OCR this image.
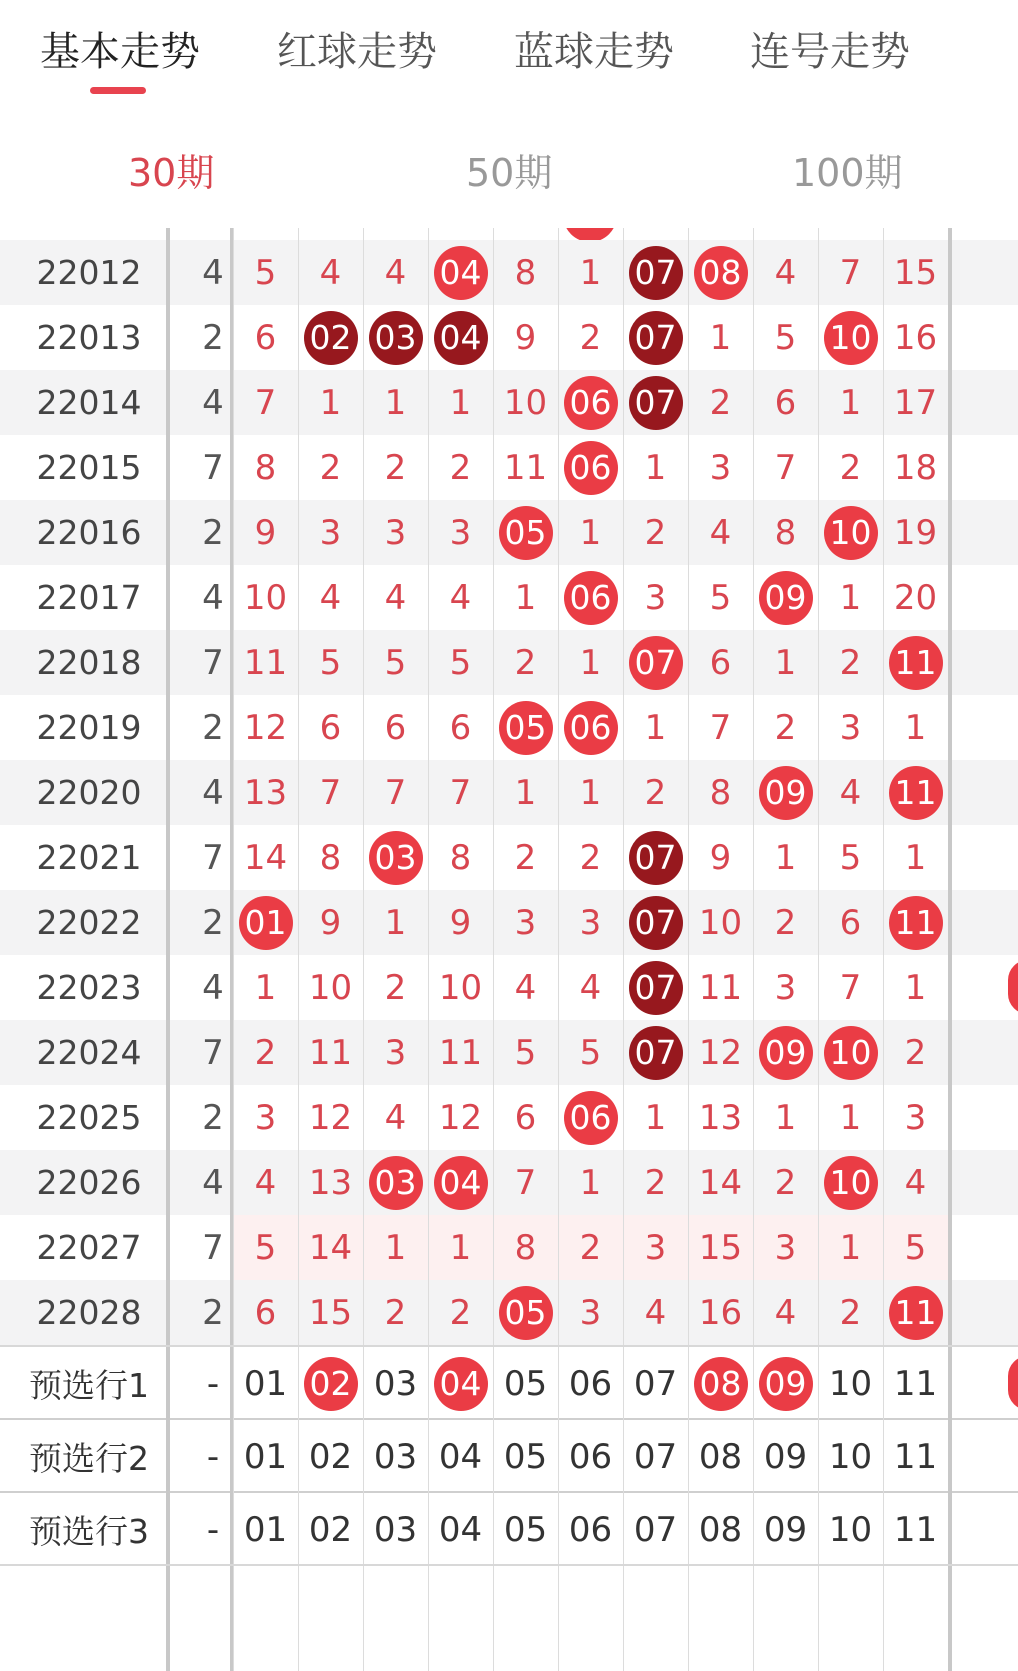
基本走势 红球走势 蓝球走势 连号走势
30期	50期	100期
22012	4 5 4 4 04 8 1 07 08 4 7 15
22013	2 6 02 03 04 9 2 07 1 5 10 16
22014	4 7 1 1 1 10 06 07 2 6 1 17
22015	7 8 2 2 2 11 06 1 3 7 2 18
22016	2 9 3 3 3 05 1 2 4 8 10 19
22017	4 10 4 4 4 1 06 3 5 09 1 20
22018	7 11 5 5 5 2 1 07 6 1 2 11
22019	2 12 6 6 6 05 06 1 7 2 3 1
22020	4 13 7 7 7 1 1 2 8 09 4 11
22021	7 14 8 03 8 2 2 07 9 1 5 1
22022	2 01 9 1 9 3 3 07 10 2 6 11
22023	4 1 10 2 10 4 4 07 11 3 7 1
22024	7 2 11 3 11 5 5 07 12 09 10 2
22025	2 3 12 4 12 6 06 1 13 1 1 3
22026	4 4 13 03 04 7 1 2 14 2 10 4
22027	7 5 14 1 1 8 2 3 15 3 1 5
22028	2 6 15 2 2 05 3 4 16 4 2 11
预选行1	- 01 02 03 04 05 06 07 08 09 10 11
预选行2	- 01 02 03 04 05 06 07 08 09 10 11
预选行3	- 01 02 03 04 05 06 07 08 09 10 11
